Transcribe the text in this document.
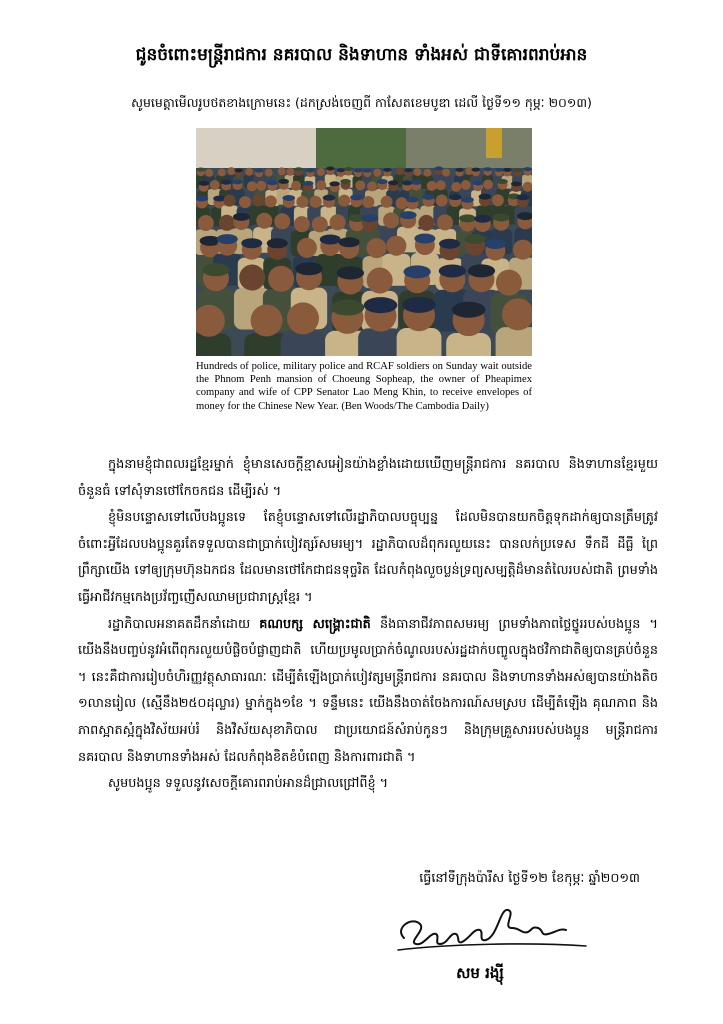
ជូនចំពោះមន្ត្រីរាជការ នគរបាល និងទាហាន ទាំងអស់ ជាទីគោរពរាប់អាន
សូមមេត្តាមើលរូបថតខាងក្រោមនេះ (ដកស្រង់ចេញពី កាសែតខេមបូឌា ដេលី ថ្ងៃទី១១ កុម្ភៈ ២០១៣)
Hundreds of police, military police and RCAF soldiers on Sunday wait outside the Phnom Penh mansion of Choeung Sopheap, the owner of Pheapimex company and wife of CPP Senator Lao Meng Khin, to receive envelopes of money for the Chinese New Year. (Ben Woods/The Cambodia Daily)

ក្នុងនាមខ្ញុំជាពលរដ្ឋខ្មែរម្នាក់ ខ្ញុំមានសេចក្តីខ្មាសអៀនយ៉ាងខ្លាំងដោយឃើញមន្ត្រីរាជការ នគរបាល និងទាហានខ្មែរមួយចំនួនធំ ទៅសុំទានថៅកែចកជន ដើម្បីរស់ ។

ខ្ញុំមិនបន្ទោសទៅលើបងប្អូនទេ តែខ្ញុំបន្ទោសទៅលើរដ្ឋាភិបាលបច្ចុប្បន្ន ដែលមិនបានយកចិត្តទុកដាក់ឲ្យបានត្រឹមត្រូវចំពោះអ្វីដែលបងប្អូនគួរតែទទួលបានជាប្រាក់បៀវត្សរ៍សមរម្យ។ រដ្ឋាភិបាលដ៏ពុករលួយនេះ បានលក់ប្រទេស ទឹកដី ដីធ្លី ព្រៃព្រឹក្សាយើង ទៅឲ្យក្រុមហ៊ុនឯកជន ដែលមានថៅកែជាជនទុច្ចរិត ដែលកំពុងលួចប្លន់ទ្រព្យសម្បត្តិដ៏មានតំលៃរបស់ជាតិ ព្រមទាំងធ្វើអាជីវកម្មកេងប្រវ័ញ្ចញើសឈាមប្រជារាស្ត្រខ្មែរ ។

រដ្ឋាភិបាលអនាគតដឹកនាំដោយ គណបក្ស សង្គ្រោះជាតិ នឹងធានាជីវភាពសមរម្យ ព្រមទាំងភាពថ្លៃថ្នូររបស់បងប្អូន ។ យើងនឹងបញ្ចប់នូវអំពើពុករលួយបំផ្លិចបំផ្លាញជាតិ ហើយប្រមូលប្រាក់ចំណូលរបស់រដ្ឋដាក់បញ្ចូលក្នុងថវិកាជាតិឲ្យបានគ្រប់ចំនួន ។ នេះគឺជាការរៀបចំហិរញ្ញវត្ថុសាធារណៈ ដើម្បីតំឡើងប្រាក់បៀវត្សមន្ត្រីរាជការ នគរបាល និងទាហានទាំងអស់ឲ្យបានយ៉ាងតិច ១លានរៀល (ស្មើនឹង២៥០ដុល្លារ) ម្នាក់ក្នុង១ខែ ។ ទន្ទឹមនេះ យើងនឹងចាត់ចែងការណ៍សមស្រប ដើម្បីតំឡើង គុណភាព និងភាពស្អាតស្អំក្នុងវិស័យអប់រំ និងវិស័យសុខាភិបាល ជាប្រយោជន៍សំរាប់កូនៗ និងក្រុមគ្រួសាររបស់បងប្អូន មន្ត្រីរាជការ នគរបាល និងទាហានទាំងអស់ ដែលកំពុងខិតខំបំពេញ និងការពារជាតិ ។

សូមបងប្អូន ទទួលនូវសេចក្តីគោរពរាប់អានដ៏ជ្រាលជ្រៅពីខ្ញុំ ។

ធ្វើនៅទីក្រុងប៉ារីស ថ្ងៃទី១២ ខែកុម្ភៈ ឆ្នាំ២០១៣
សម រង្ស៊ី
